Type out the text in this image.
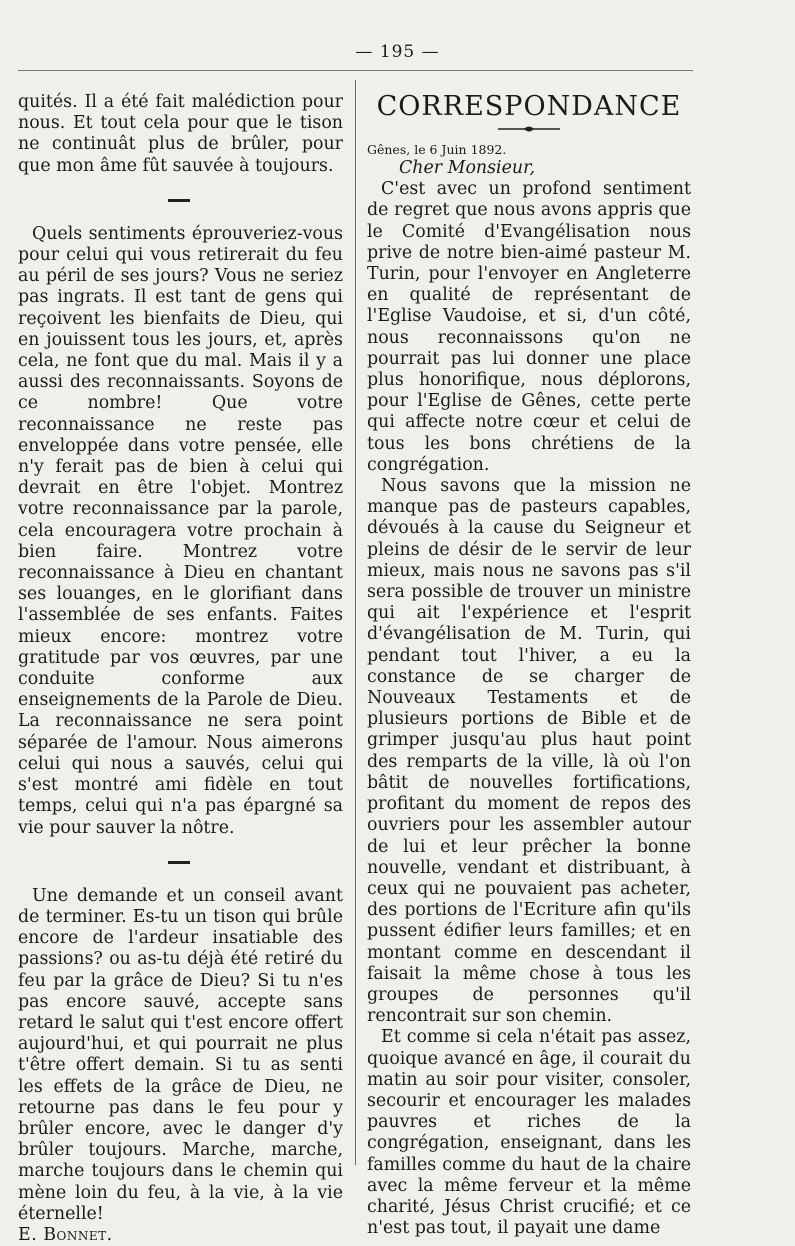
— 195 —

quités. Il a été fait malédiction pour nous. Et tout cela pour que le tison ne continuât plus de brûler, pour que mon âme fût sauvée à toujours.

Quels sentiments éprouveriez-vous pour celui qui vous retirerait du feu au péril de ses jours? Vous ne seriez pas ingrats. Il est tant de gens qui reçoivent les bienfaits de Dieu, qui en jouissent tous les jours, et, après cela, ne font que du mal. Mais il y a aussi des reconnaissants. Soyons de ce nombre! Que votre reconnaissance ne reste pas enveloppée dans votre pensée, elle n'y ferait pas de bien à celui qui devrait en être l'objet. Montrez votre reconnaissance par la parole, cela encouragera votre prochain à bien faire. Montrez votre reconnaissance à Dieu en chantant ses louanges, en le glorifiant dans l'assemblée de ses enfants. Faites mieux encore: montrez votre gratitude par vos œuvres, par une conduite conforme aux enseignements de la Parole de Dieu. La reconnaissance ne sera point séparée de l'amour. Nous aimerons celui qui nous a sauvés, celui qui s'est montré ami fidèle en tout temps, celui qui n'a pas épargné sa vie pour sauver la nôtre.

Une demande et un conseil avant de terminer. Es-tu un tison qui brûle encore de l'ardeur insatiable des passions? ou as-tu déjà été retiré du feu par la grâce de Dieu? Si tu n'es pas encore sauvé, accepte sans retard le salut qui t'est encore offert aujourd'hui, et qui pourrait ne plus t'être offert demain. Si tu as senti les effets de la grâce de Dieu, ne retourne pas dans le feu pour y brûler encore, avec le danger d'y brûler toujours. Marche, marche, marche toujours dans le chemin qui mène loin du feu, à la vie, à la vie éternelle!

E. Bonnet.

CORRESPONDANCE

Gênes, le 6 Juin 1892.

Cher Monsieur,

C'est avec un profond sentiment de regret que nous avons appris que le Comité d'Evangélisation nous prive de notre bien-aimé pasteur M. Turin, pour l'envoyer en Angleterre en qualité de représentant de l'Eglise Vaudoise, et si, d'un côté, nous reconnaissons qu'on ne pourrait pas lui donner une place plus honorifique, nous déplorons, pour l'Eglise de Gênes, cette perte qui affecte notre cœur et celui de tous les bons chrétiens de la congrégation.

Nous savons que la mission ne manque pas de pasteurs capables, dévoués à la cause du Seigneur et pleins de désir de le servir de leur mieux, mais nous ne savons pas s'il sera possible de trouver un ministre qui ait l'expérience et l'esprit d'évangélisation de M. Turin, qui pendant tout l'hiver, a eu la constance de se charger de Nouveaux Testaments et de plusieurs portions de Bible et de grimper jusqu'au plus haut point des remparts de la ville, là où l'on bâtit de nouvelles fortifications, profitant du moment de repos des ouvriers pour les assembler autour de lui et leur prêcher la bonne nouvelle, vendant et distribuant, à ceux qui ne pouvaient pas acheter, des portions de l'Ecriture afin qu'ils pussent édifier leurs familles; et en montant comme en descendant il faisait la même chose à tous les groupes de personnes qu'il rencontrait sur son chemin.

Et comme si cela n'était pas assez, quoique avancé en âge, il courait du matin au soir pour visiter, consoler, secourir et encourager les malades pauvres et riches de la congrégation, enseignant, dans les familles comme du haut de la chaire avec la même ferveur et la même charité, Jésus Christ crucifié; et ce n'est pas tout, il payait une dame
